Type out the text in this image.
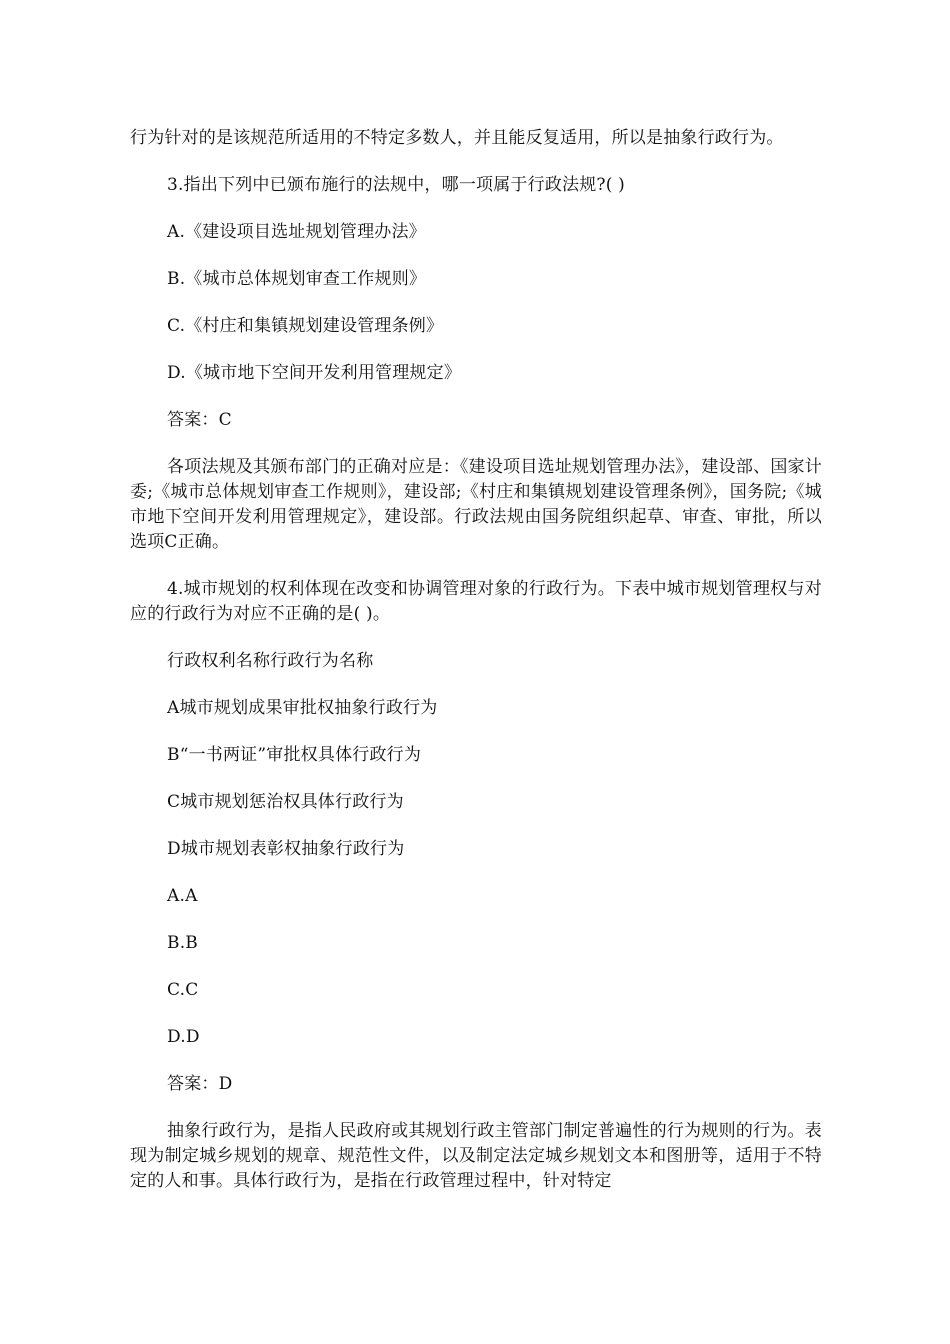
行为针对的是该规范所适用的不特定多数人，并且能反复适用，所以是抽象行政行为。

3.指出下列中已颁布施行的法规中，哪一项属于行政法规?( )

A.《建设项目选址规划管理办法》

B.《城市总体规划审查工作规则》

C.《村庄和集镇规划建设管理条例》

D.《城市地下空间开发利用管理规定》

答案：C

各项法规及其颁布部门的正确对应是：《建设项目选址规划管理办法》，建设部、国家计委;《城市总体规划审查工作规则》，建设部;《村庄和集镇规划建设管理条例》，国务院;《城市地下空间开发利用管理规定》，建设部。行政法规由国务院组织起草、审查、审批，所以选项C正确。

4.城市规划的权利体现在改变和协调管理对象的行政行为。下表中城市规划管理权与对应的行政行为对应不正确的是( )。

行政权利名称行政行为名称

A城市规划成果审批权抽象行政行为

B“一书两证”审批权具体行政行为

C城市规划惩治权具体行政行为

D城市规划表彰权抽象行政行为

A.A

B.B

C.C

D.D

答案：D

抽象行政行为，是指人民政府或其规划行政主管部门制定普遍性的行为规则的行为。表现为制定城乡规划的规章、规范性文件，以及制定法定城乡规划文本和图册等，适用于不特定的人和事。具体行政行为，是指在行政管理过程中，针对特定
